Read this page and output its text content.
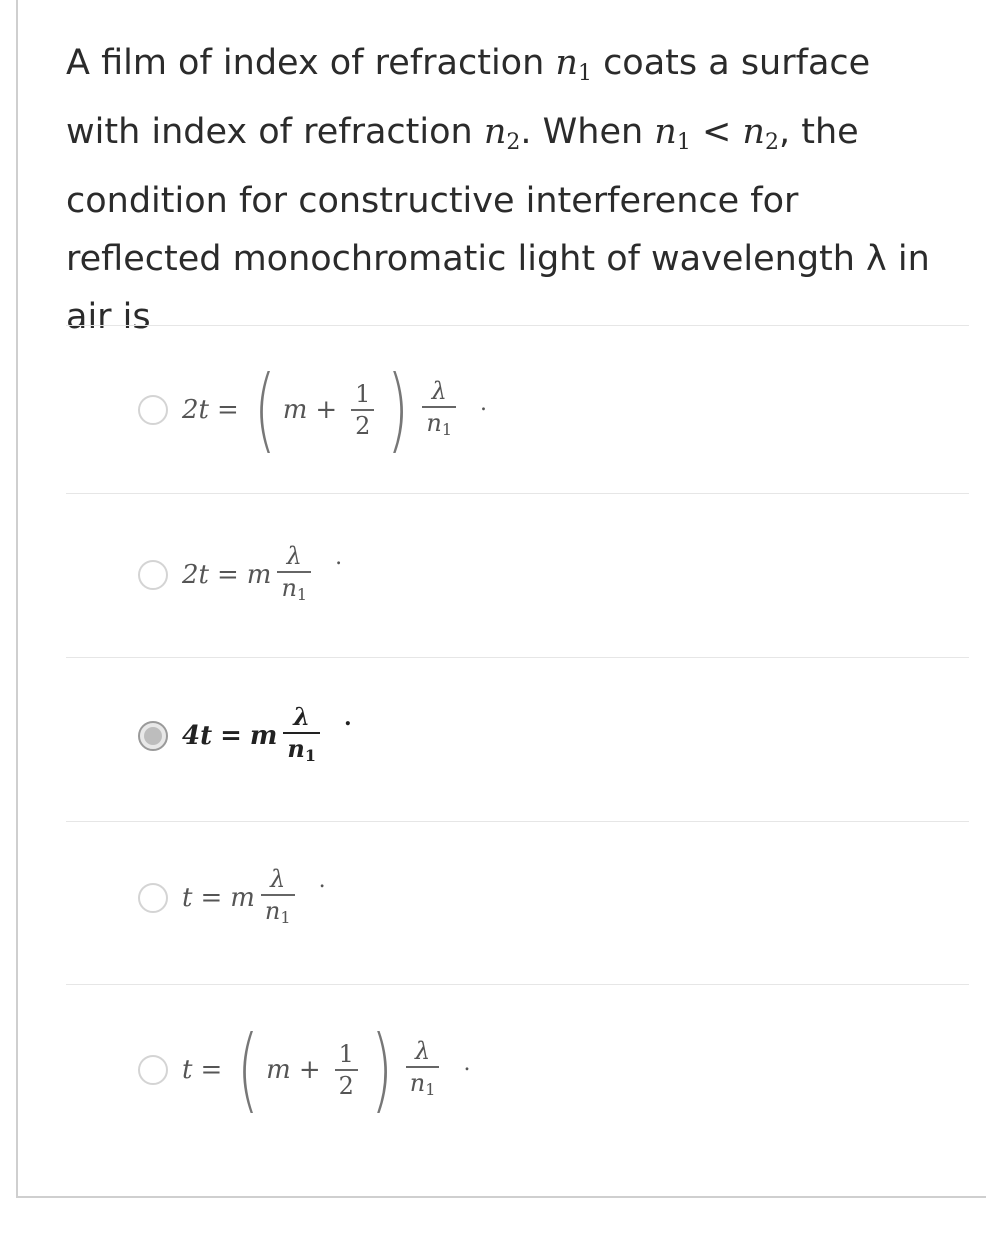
A film of index of refraction $n_1$ coats a surface with index of refraction $n_2$. When $n_1 < n_2$, the condition for constructive interference for reflected monochromatic light of wavelength λ in air is
2t = ( $m + \frac{1}{2}$ ) $\frac{\lambda}{n_1}$ .
2t = m $\frac{\lambda}{n_1}$ .
4t = m $\frac{\lambda}{n_1}$ .
t = m $\frac{\lambda}{n_1}$ .
t = ( $m + \frac{1}{2}$ ) $\frac{\lambda}{n_1}$ .
